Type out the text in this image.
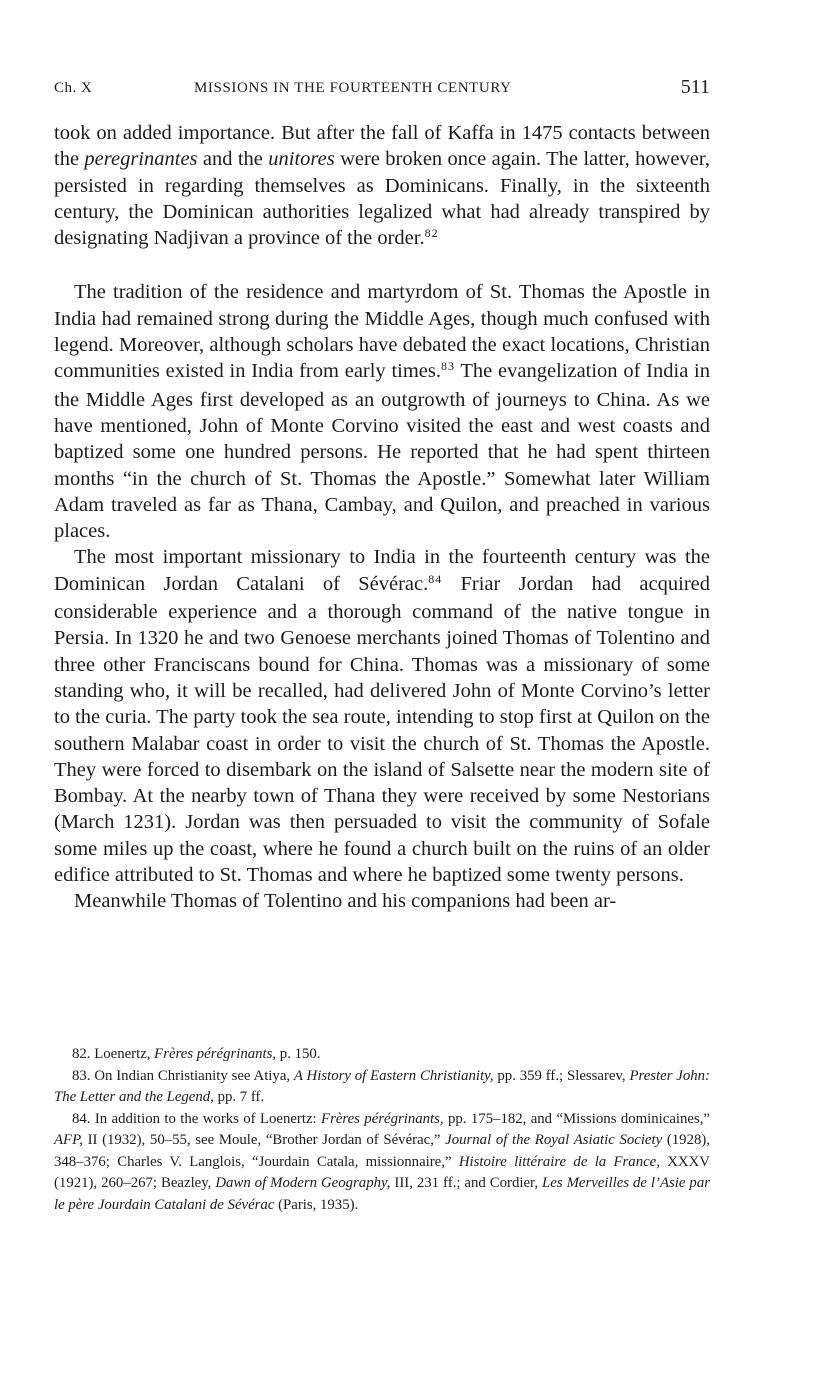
Ch. X	MISSIONS IN THE FOURTEENTH CENTURY	511

took on added importance. But after the fall of Kaffa in 1475 contacts between the peregrinantes and the unitores were broken once again. The latter, however, persisted in regarding themselves as Dominicans. Finally, in the sixteenth century, the Dominican authorities legalized what had already transpired by designating Nadjivan a province of the order.$^{82}$

The tradition of the residence and martyrdom of St. Thomas the Apostle in India had remained strong during the Middle Ages, though much confused with legend. Moreover, although scholars have debated the exact locations, Christian communities existed in India from early times.$^{83}$ The evangelization of India in the Middle Ages first developed as an outgrowth of journeys to China. As we have mentioned, John of Monte Corvino visited the east and west coasts and baptized some one hundred persons. He reported that he had spent thirteen months “in the church of St. Thomas the Apostle.” Somewhat later William Adam traveled as far as Thana, Cambay, and Quilon, and preached in various places.

The most important missionary to India in the fourteenth century was the Dominican Jordan Catalani of Sévérac.$^{84}$ Friar Jordan had acquired considerable experience and a thorough command of the native tongue in Persia. In 1320 he and two Genoese merchants joined Thomas of Tolentino and three other Franciscans bound for China. Thomas was a missionary of some standing who, it will be recalled, had delivered John of Monte Corvino’s letter to the curia. The party took the sea route, intending to stop first at Quilon on the southern Malabar coast in order to visit the church of St. Thomas the Apostle. They were forced to disembark on the island of Salsette near the modern site of Bombay. At the nearby town of Thana they were received by some Nestorians (March 1231). Jordan was then persuaded to visit the community of Sofale some miles up the coast, where he found a church built on the ruins of an older edifice attributed to St. Thomas and where he baptized some twenty persons.

Meanwhile Thomas of Tolentino and his companions had been ar-

82. Loenertz, Frères pérégrinants, p. 150.

83. On Indian Christianity see Atiya, A History of Eastern Christianity, pp. 359 ff.; Slessarev, Prester John: The Letter and the Legend, pp. 7 ff.

84. In addition to the works of Loenertz: Frères pérégrinants, pp. 175–182, and “Missions dominicaines,” AFP, II (1932), 50–55, see Moule, “Brother Jordan of Sévérac,” Journal of the Royal Asiatic Society (1928), 348–376; Charles V. Langlois, “Jourdain Catala, missionnaire,” Histoire littéraire de la France, XXXV (1921), 260–267; Beazley, Dawn of Modern Geography, III, 231 ff.; and Cordier, Les Merveilles de l’Asie par le père Jourdain Catalani de Sévérac (Paris, 1935).
